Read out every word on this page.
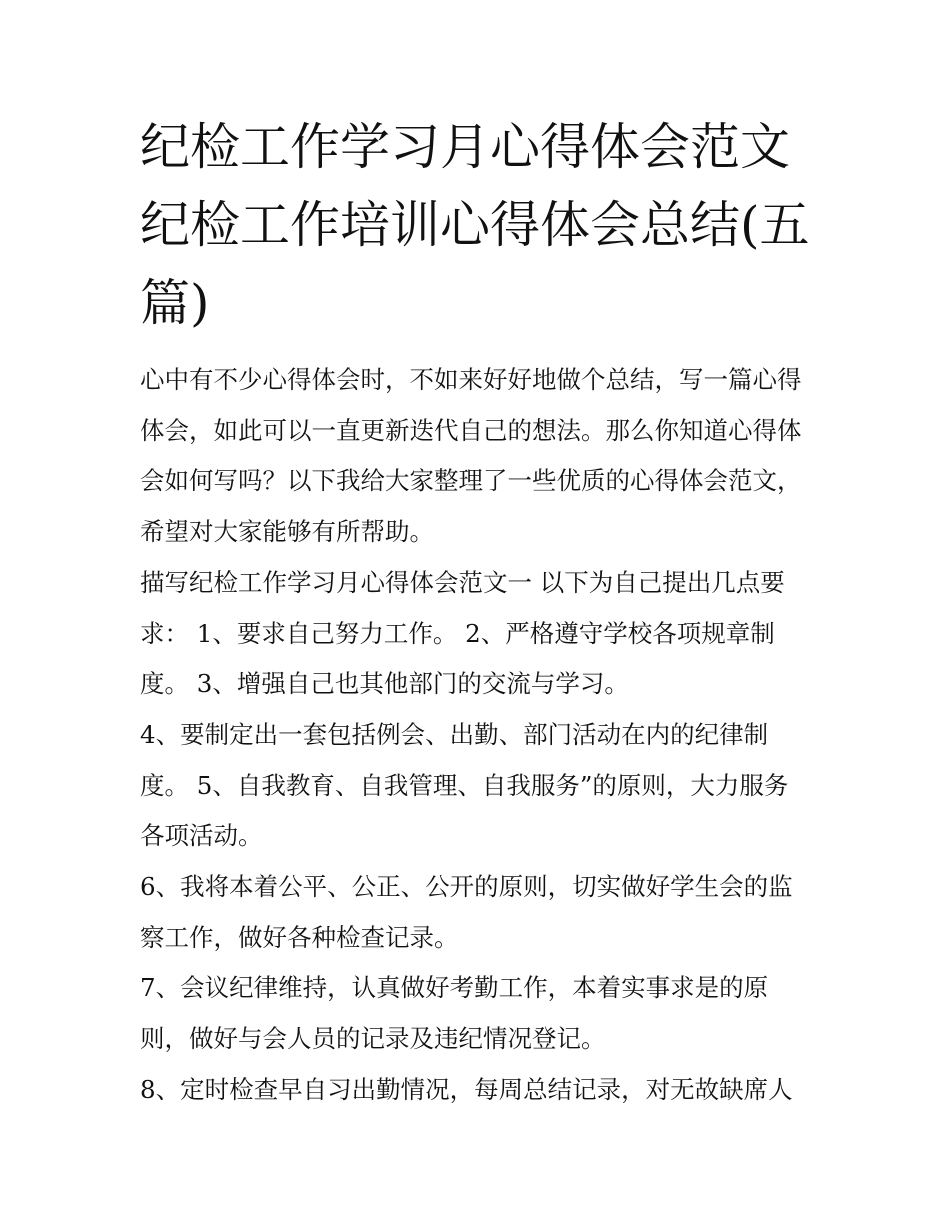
纪检工作学习月心得体会范文
纪检工作培训心得体会总结(五
篇)
心中有不少心得体会时，不如来好好地做个总结，写一篇心得
体会，如此可以一直更新迭代自己的想法。那么你知道心得体
会如何写吗？以下我给大家整理了一些优质的心得体会范文，
希望对大家能够有所帮助。
描写纪检工作学习月心得体会范文一 以下为自己提出几点要
求： 1、要求自己努力工作。 2、严格遵守学校各项规章制
度。 3、增强自己也其他部门的交流与学习。
4、要制定出一套包括例会、出勤、部门活动在内的纪律制
度。 5、自我教育、自我管理、自我服务”的原则，大力服务
各项活动。
6、我将本着公平、公正、公开的原则，切实做好学生会的监
察工作，做好各种检查记录。
7、会议纪律维持，认真做好考勤工作，本着实事求是的原
则，做好与会人员的记录及违纪情况登记。
8、定时检查早自习出勤情况，每周总结记录，对无故缺席人
